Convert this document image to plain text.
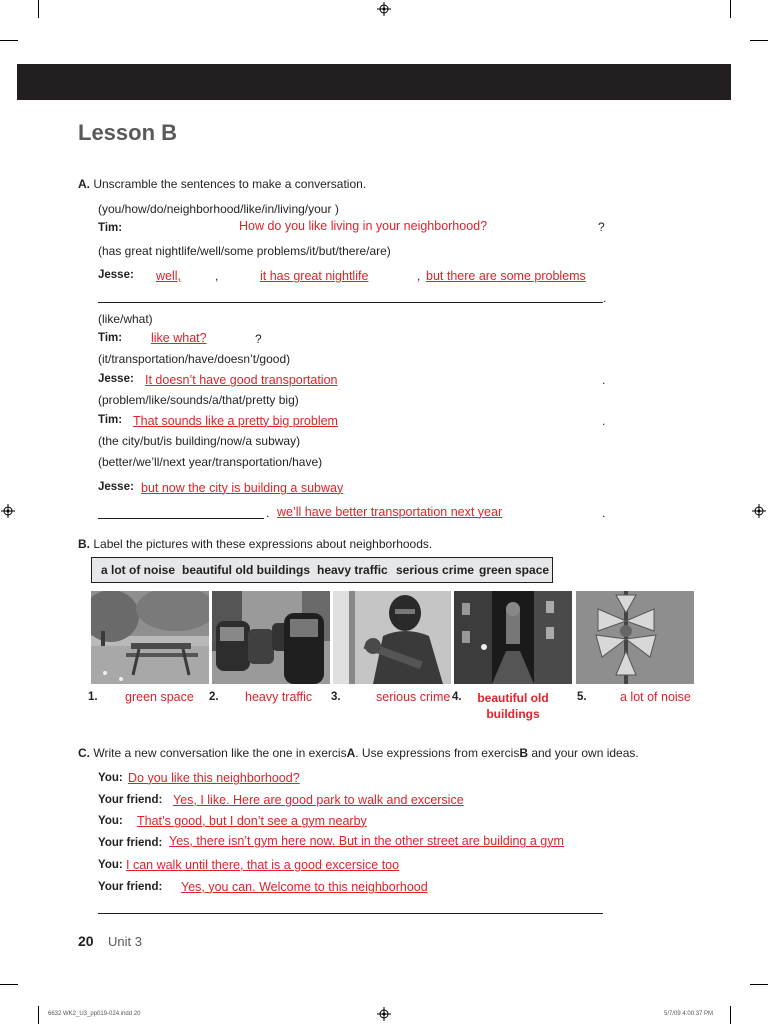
Lesson B
A. Unscramble the sentences to make a conversation.
(you/how/do/neighborhood/like/in/living/your )
Tim:	How do you like living in your neighborhood?	?
(has great nightlife/well/some problems/it/but/there/are)
Jesse: well,	,	it has great nightlife	, but there are some problems
.
(like/what)
Tim: like what?	?
(it/transportation/have/doesn’t/good)
Jesse: It doesn’t have good transportation	.
(problem/like/sounds/a/that/pretty big)
Tim: That sounds like a pretty big problem	.
(the city/but/is building/now/a subway)
(better/we’ll/next year/transportation/have)
Jesse: but now the city is building a subway
. we’ll have better transportation next year	.
B. Label the pictures with these expressions about neighborhoods.
a lot of noise beautiful old buildings heavy traffic serious crime green space
1. green space 2. heavy traffic 3.	serious crime 4.	beautiful old
buildings
5.	a lot of noise
C. Write a new conversation like the one in exercisA. Use expressions from exercisB and your own ideas.
You: Do you like this neighborhood?
Your friend: Yes, I like. Here are good park to walk and excersice
You: That’s good, but I don’t see a gym nearby
Your friend: Yes, there isn’t gym here now. But in the other street are building a gym
You: I can walk until there, that is a good excersice too
Your friend: Yes, you can. Welcome to this neighborhood
20 Unit 3
6632 WK2_U3_pp019-024.indd 20	5/7/09 4:00:37 PM
